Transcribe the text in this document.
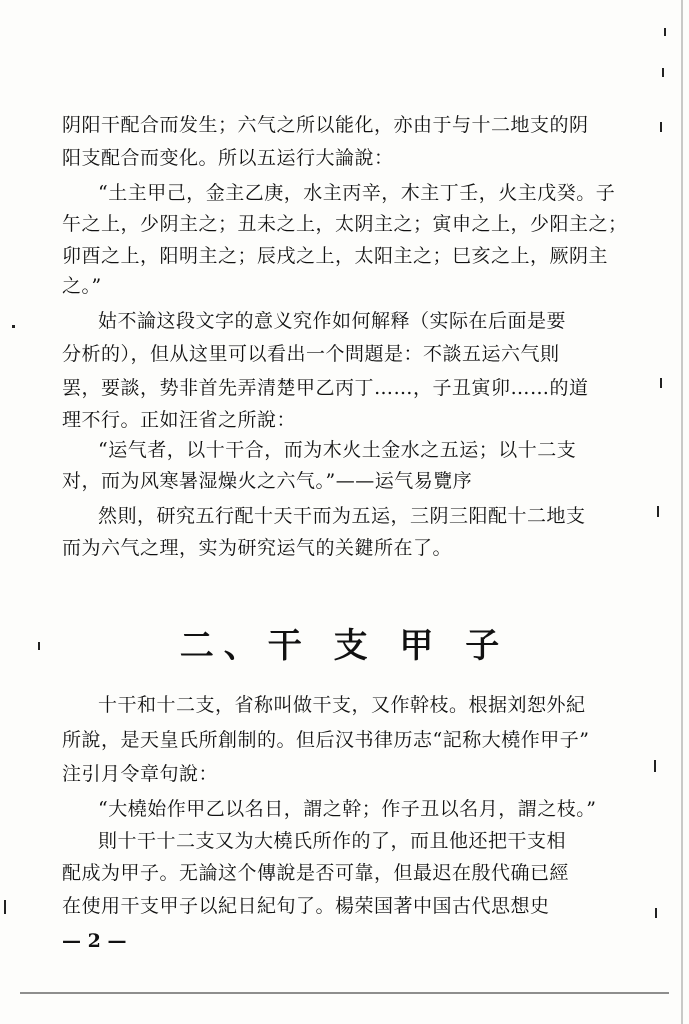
阴阳干配合而发生；六气之所以能化，亦由于与十二地支的阴
阳支配合而变化。所以五运行大論說：
“土主甲己，金主乙庚，水主丙辛，木主丁壬，火主戊癸。子
午之上，少阴主之；丑未之上，太阴主之；寅申之上，少阳主之；
卯酉之上，阳明主之；辰戌之上，太阳主之；巳亥之上，厥阴主
之。”
姑不論这段文字的意义究作如何解释（实际在后面是要
分析的），但从这里可以看出一个問題是：不談五运六气則
罢，要談，势非首先弄清楚甲乙丙丁……，子丑寅卯……的道
理不行。正如汪省之所說：
“运气者，以十干合，而为木火土金水之五运；以十二支
对，而为风寒暑湿燥火之六气。”——运气易覽序
然則，研究五行配十天干而为五运，三阴三阳配十二地支
而为六气之理，实为研究运气的关鍵所在了。
二、干 支 甲 子
十干和十二支，省称叫做干支，又作幹枝。根据刘恕外紀
所說，是天皇氏所創制的。但后汉书律历志“記称大橈作甲子”
注引月令章句說：
“大橈始作甲乙以名日，謂之幹；作子丑以名月，謂之枝。”
則十干十二支又为大橈氏所作的了，而且他还把干支相
配成为甲子。无論这个傳說是否可靠，但最迟在殷代确已經
在使用干支甲子以紀日紀旬了。楊荣国著中国古代思想史
— 2 —
